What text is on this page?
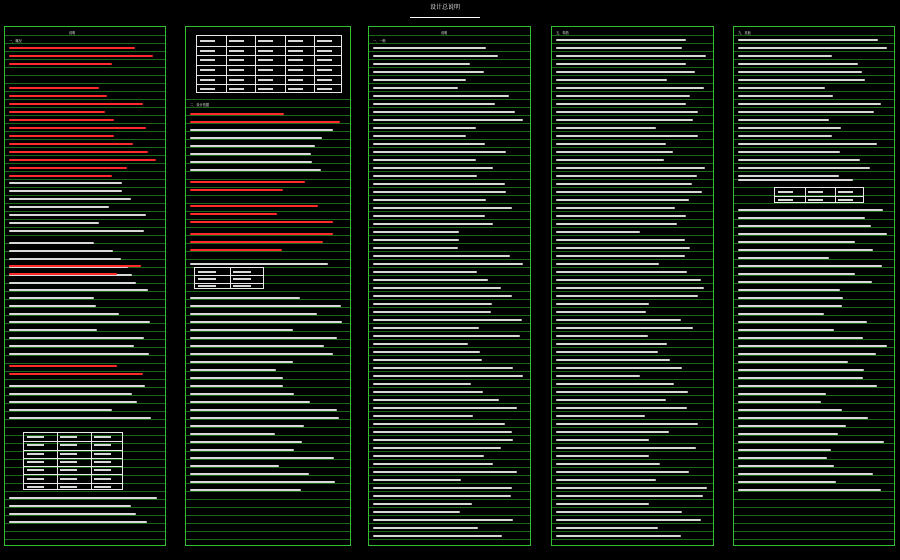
设计总说明
说明
一、概况
二、设计依据
说明
一、一般
五、构造	九、其他
